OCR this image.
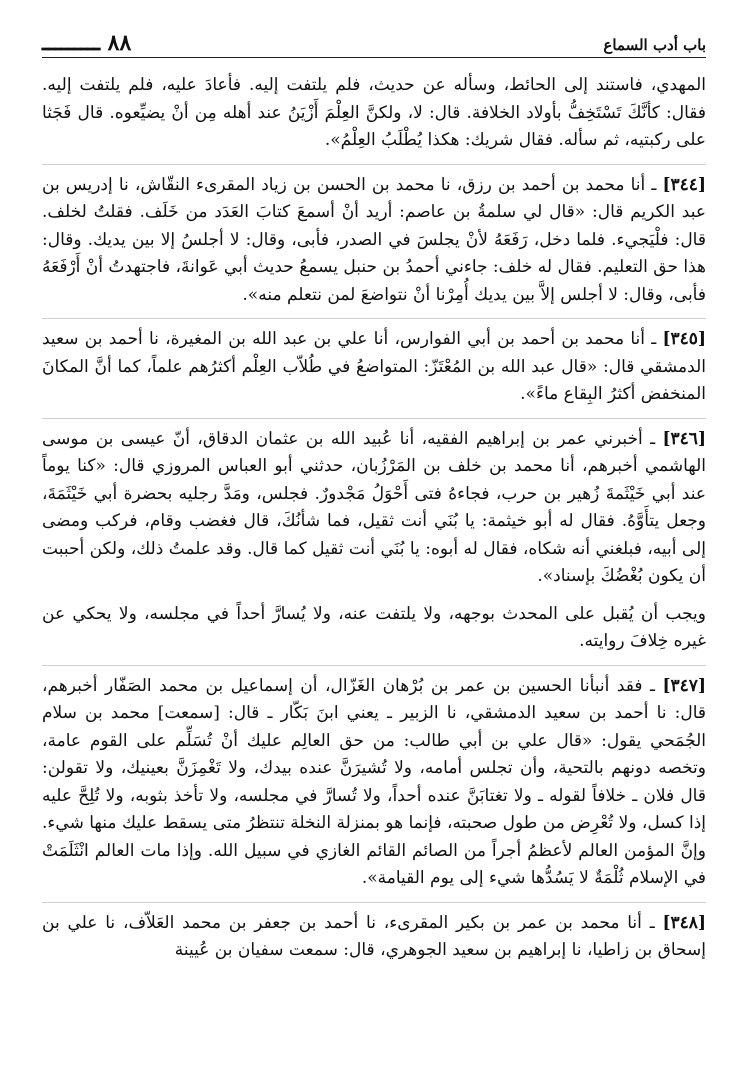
باب أدب السماع
٨٨ ـــــــــ

المهدي، فاستند إلى الحائط، وسأله عن حديث، فلم يلتفت إليه. فأعادَ عليه، فلم يلتفت إليه. فقال: كأنَّكَ تَسْتَخِفُّ بأولاد الخلافة. قال: لا، ولكنَّ العِلْمَ أَزْيَنُ عند أهله مِن أنْ يضيِّعوه. قال فَجَثا على ركبتيه، ثم سأله. فقال شريك: هكذا يُطْلَبُ العِلْمُ».

[٣٤٤] ـ أنا محمد بن أحمد بن رزق، نا محمد بن الحسن بن زياد المقرىء النقّاش، نا إدريس بن عبد الكريم قال: «قال لي سلمةُ بن عاصم: أريد أنْ أسمعَ كتابَ العَدَد من خَلَف. فقلتُ لخلف. قال: فلْيَجيء. فلما دخل، رَفَعَهُ لأنْ يجلسَ في الصدر، فأبى، وقال: لا أجلسُ إلا بين يديك. وقال: هذا حق التعليم. فقال له خلف: جاءني أحمدُ بن حنبل يسمعُ حديث أبي عَوانةَ، فاجتهدتُ أنْ أَرْفَعَهُ فأبى، وقال: لا أجلس إلاَّ بين يديك أُمِرْنا أنْ نتواضعَ لمن نتعلم منه».

[٣٤٥] ـ أنا محمد بن أحمد بن أبي الفوارس، أنا علي بن عبد الله بن المغيرة، نا أحمد بن سعيد الدمشقي قال: «قال عبد الله بن المُعْتَزّ: المتواضعُ في طُلاّب العِلْم أكثرُهم علماً، كما أنَّ المكانَ المنخفض أكثرُ البِقاع ماءً».

[٣٤٦] ـ أخبرني عمر بن إبراهيم الفقيه، أنا عُبيد الله بن عثمان الدقاق، أنّ عيسى بن موسى الهاشمي أخبرهم، أنا محمد بن خلف بن المَرْزُبان، حدثني أبو العباس المروزي قال: «كنا يوماً عند أبي خَيْثَمةَ زُهير بن حرب، فجاءهُ فتى أَحْوَلُ مَجْدورٌ. فجلس، ومَدَّ رجليه بحضرة أبي خَيْثَمَةَ، وجعل يتأَوَّهُ. فقال له أبو خيثمة: يا بُنَي أنت ثقيل، فما شأنُكَ، قال فغضب وقام، فركب ومضى إلى أبيه، فبلغني أنه شكاه، فقال له أبوه: يا بُنَي أنت ثقيل كما قال. وقد علمتُ ذلك، ولكن أحببت أن يكون بُغْضُكَ بإسناد».

ويجب أن يُقبل على المحدث بوجهه، ولا يلتفت عنه، ولا يُسارَّ أحداً في مجلسه، ولا يحكي عن غيره خِلافَ روايته.

[٣٤٧] ـ فقد أنبأنا الحسين بن عمر بن بُرْهان الغَزّال، أن إسماعيل بن محمد الصَفّار أخبرهم، قال: نا أحمد بن سعيد الدمشقي، نا الزبير ـ يعني ابنَ بَكّار ـ قال: [سمعت] محمد بن سلام الجُمَحي يقول: «قال علي بن أبي طالب: من حق العالِم عليك أنْ تُسَلِّم على القوم عامة، وتخصه دونهم بالتحية، وأن تجلس أمامه، ولا تُشيرَنَّ عنده بيدك، ولا تَغْمِزَنَّ بعينيك، ولا تقولن: قال فلان ـ خلافاً لقوله ـ ولا تغتابَنَّ عنده أحداً، ولا تُسارَّ في مجلسه، ولا تأخذ بثوبه، ولا تُلِحَّ عليه إذا كسل، ولا تُعْرِض من طول صحبته، فإنما هو بمنزلة النخلة تنتظرُ متى يسقط عليك منها شيء. وإنَّ المؤمن العالم لأعظمُ أجراً من الصائم القائم الغازي في سبيل الله. وإذا مات العالم انْثَلَمَتْ في الإسلام ثُلْمَةٌ لا يَسُدُّها شيء إلى يوم القيامة».

[٣٤٨] ـ أنا محمد بن عمر بن بكير المقرىء، نا أحمد بن جعفر بن محمد العَلاّف، نا علي بن إسحاق بن زاطيا، نا إبراهيم بن سعيد الجوهري، قال: سمعت سفيان بن عُيينة
